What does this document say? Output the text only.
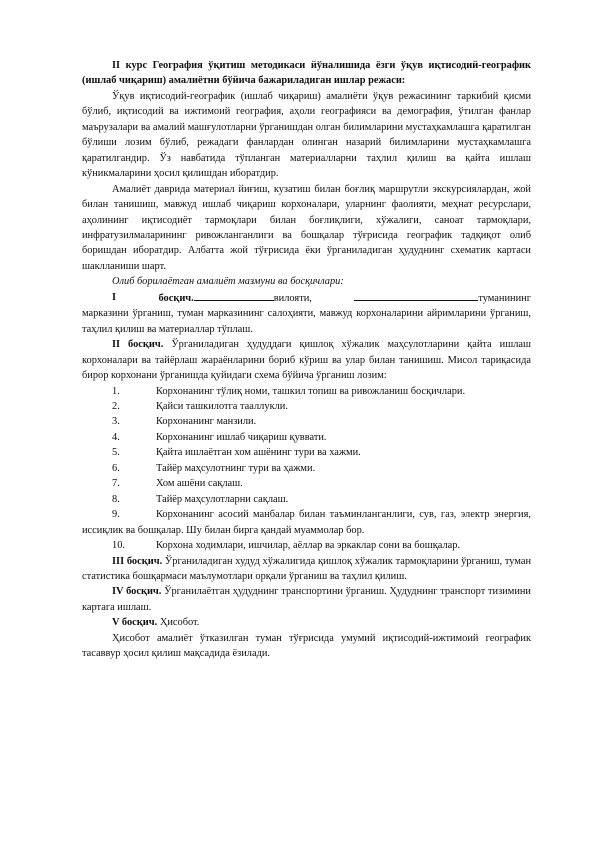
II курс География ўқитиш методикаси йўналишида ёзги ўқув иқтисодий-географик (ишлаб чиқариш) амалиётни бўйича бажариладиган ишлар режаси:

Ўқув иқтисодий-географик (ишлаб чиқариш) амалиёти ўқув режасининг таркибий қисми бўлиб, иқтисодий ва ижтимоий география, аҳоли географияси ва демография, ўтилган фанлар маърузалари ва амалий машғулотларни ўрганишдан олган билимларини мустаҳкамлашга қаратилган бўлиши лозим бўлиб, режадаги фанлардан олинган назарий билимларини мустаҳкамлашга қаратилгандир. Ўз навбатида тўпланган материалларни таҳлил қилиш ва қайта ишлаш кўникмаларини ҳосил қилишдан иборатдир.

Амалиёт даврида материал йиғиш, кузатиш билан боғлиқ маршрутли экскурсиялардан, жой билан танишиш, мавжуд ишлаб чиқариш корхоналари, уларнинг фаолияти, меҳнат ресурслари, аҳолининг иқтисодиёт тармоқлари билан боғлиқлиги, хўжалиги, саноат тармоқлари, инфратузилмаларининг ривожланганлиги ва бошқалар тўғрисида географик тадқиқот олиб боришдан иборатдир. Албатта жой тўғрисида ёки ўрганиладиган ҳудуднинг схематик картаси шаклланиши шарт.

Олиб борилаётган амалиёт мазмуни ва босқичлари:

I	босқич.	вилояти,	туманининг

марказини ўрганиш, туман марказининг салоҳияти, мавжуд корхоналарини айримларини ўрганиш, таҳлил қилиш ва материаллар тўплаш.

II босқич. Ўрганиладиган ҳудуддаги қишлоқ хўжалик маҳсулотларини қайта ишлаш корхоналари ва тайёрлаш жараёнларини бориб кўриш ва улар билан танишиш. Мисол тариқасида бирор корхонани ўрганишда қуйидаги схема бўйича ўрганиш лозим:

1.	Корхонанинг тўлиқ номи, ташкил топиш ва ривожланиш босқичлари.
2.	Қайси ташкилотга тааллукли.
3.	Корхонанинг манзили.
4.	Корхонанинг ишлаб чиқариш қуввати.
5.	Қайта ишлаётган хом ашёнинг тури ва хажми.
6.	Тайёр маҳсулотнинг тури ва ҳажми.
7.	Хом ашёни сақлаш.
8.	Тайёр маҳсулотларни сақлаш.
9.	Корхонанинг асосий манбалар билан таъминланганлиги, сув, газ, электр энергия, иссиқлик ва бошқалар. Шу билан бирга қандай муаммолар бор.
10.	Корхона ходимлари, ишчилар, аёллар ва эркаклар сони ва бошқалар.

III босқич. Ўрганиладиган худуд хўжалигида қишлоқ хўжалик тармоқларини ўрганиш, туман статистика бошқармаси маълумотлари орқали ўрганиш ва таҳлил қилиш.

IV босқич. Ўрганилаётган ҳудуднинг транспортини ўрганиш. Ҳудуднинг транспорт тизимини картага ишлаш.

V босқич. Ҳисобот.

Ҳисобот амалиёт ўтказилган туман тўғрисида умумий иқтисодий-ижтимоий географик тасаввур ҳосил қилиш мақсадида ёзилади.
